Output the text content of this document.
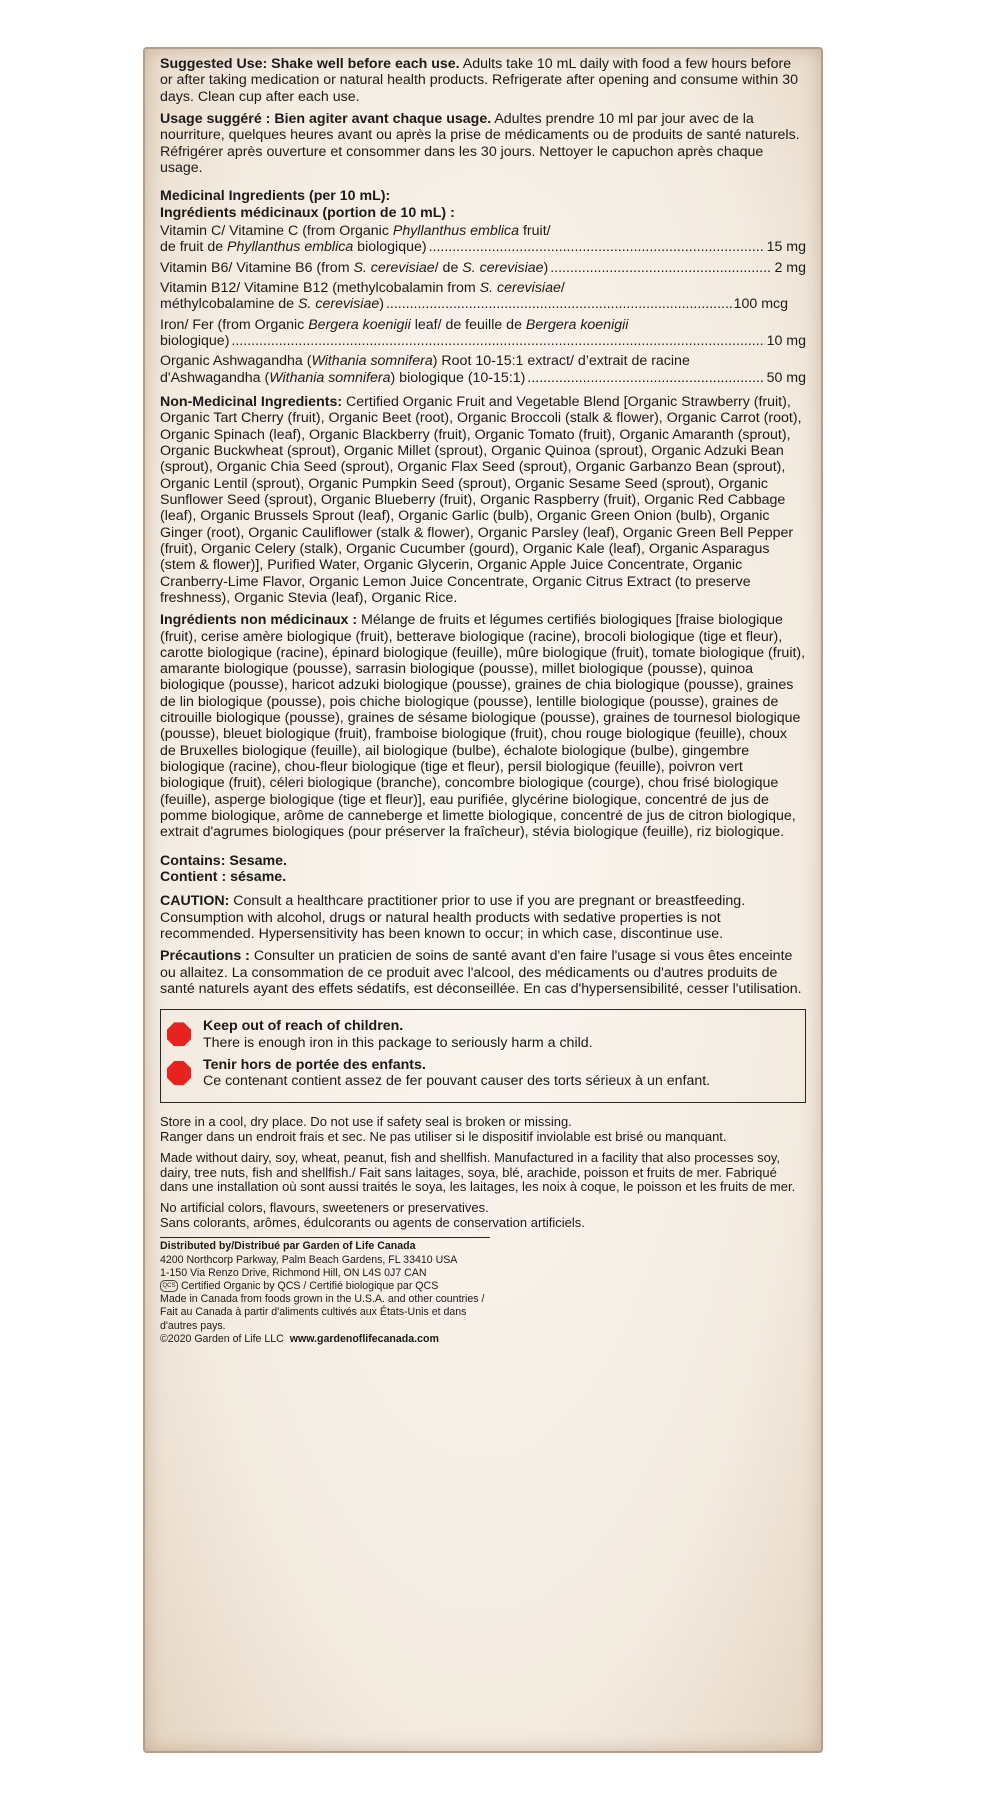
Suggested Use: Shake well before each use. Adults take 10 mL daily with food a few hours before or after taking medication or natural health products. Refrigerate after opening and consume within 30 days. Clean cup after each use.

Usage suggéré : Bien agiter avant chaque usage. Adultes prendre 10 ml par jour avec de la nourriture, quelques heures avant ou après la prise de médicaments ou de produits de santé naturels. Réfrigérer après ouverture et consommer dans les 30 jours. Nettoyer le capuchon après chaque usage.

Medicinal Ingredients (per 10 mL):
Ingrédients médicinaux (portion de 10 mL) :
Vitamin C/ Vitamine C (from Organic Phyllanthus emblica fruit/
de fruit de Phyllanthus emblica biologique) .....	15 mg
Vitamin B6/ Vitamine B6 (from S. cerevisiae/ de S. cerevisiae) .....	2 mg
Vitamin B12/ Vitamine B12 (methylcobalamin from S. cerevisiae/
méthylcobalamine de S. cerevisiae) .....	100 mcg
Iron/ Fer (from Organic Bergera koenigii leaf/ de feuille de Bergera koenigii
biologique) .....	10 mg
Organic Ashwagandha (Withania somnifera) Root 10-15:1 extract/ d’extrait de racine
d'Ashwagandha (Withania somnifera) biologique (10-15:1) .....	50 mg

Non-Medicinal Ingredients: Certified Organic Fruit and Vegetable Blend [Organic Strawberry (fruit), Organic Tart Cherry (fruit), Organic Beet (root), Organic Broccoli (stalk & flower), Organic Carrot (root), Organic Spinach (leaf), Organic Blackberry (fruit), Organic Tomato (fruit), Organic Amaranth (sprout), Organic Buckwheat (sprout), Organic Millet (sprout), Organic Quinoa (sprout), Organic Adzuki Bean (sprout), Organic Chia Seed (sprout), Organic Flax Seed (sprout), Organic Garbanzo Bean (sprout), Organic Lentil (sprout), Organic Pumpkin Seed (sprout), Organic Sesame Seed (sprout), Organic Sunflower Seed (sprout), Organic Blueberry (fruit), Organic Raspberry (fruit), Organic Red Cabbage (leaf), Organic Brussels Sprout (leaf), Organic Garlic (bulb), Organic Green Onion (bulb), Organic Ginger (root), Organic Cauliflower (stalk & flower), Organic Parsley (leaf), Organic Green Bell Pepper (fruit), Organic Celery (stalk), Organic Cucumber (gourd), Organic Kale (leaf), Organic Asparagus (stem & flower)], Purified Water, Organic Glycerin, Organic Apple Juice Concentrate, Organic Cranberry-Lime Flavor, Organic Lemon Juice Concentrate, Organic Citrus Extract (to preserve freshness), Organic Stevia (leaf), Organic Rice.

Ingrédients non médicinaux : Mélange de fruits et légumes certifiés biologiques [fraise biologique (fruit), cerise amère biologique (fruit), betterave biologique (racine), brocoli biologique (tige et fleur), carotte biologique (racine), épinard biologique (feuille), mûre biologique (fruit), tomate biologique (fruit), amarante biologique (pousse), sarrasin biologique (pousse), millet biologique (pousse), quinoa biologique (pousse), haricot adzuki biologique (pousse), graines de chia biologique (pousse), graines de lin biologique (pousse), pois chiche biologique (pousse), lentille biologique (pousse), graines de citrouille biologique (pousse), graines de sésame biologique (pousse), graines de tournesol biologique (pousse), bleuet biologique (fruit), framboise biologique (fruit), chou rouge biologique (feuille), choux de Bruxelles biologique (feuille), ail biologique (bulbe), échalote biologique (bulbe), gingembre biologique (racine), chou-fleur biologique (tige et fleur), persil biologique (feuille), poivron vert biologique (fruit), céleri biologique (branche), concombre biologique (courge), chou frisé biologique (feuille), asperge biologique (tige et fleur)], eau purifiée, glycérine biologique, concentré de jus de pomme biologique, arôme de canneberge et limette biologique, concentré de jus de citron biologique, extrait d'agrumes biologiques (pour préserver la fraîcheur), stévia biologique (feuille), riz biologique.

Contains: Sesame.
Contient : sésame.

CAUTION: Consult a healthcare practitioner prior to use if you are pregnant or breastfeeding. Consumption with alcohol, drugs or natural health products with sedative properties is not recommended. Hypersensitivity has been known to occur; in which case, discontinue use.

Précautions : Consulter un praticien de soins de santé avant d'en faire l'usage si vous êtes enceinte ou allaitez. La consommation de ce produit avec l'alcool, des médicaments ou d'autres produits de santé naturels ayant des effets sédatifs, est déconseillée. En cas d'hypersensibilité, cesser l'utilisation.

Keep out of reach of children.
There is enough iron in this package to seriously harm a child.
Tenir hors de portée des enfants.
Ce contenant contient assez de fer pouvant causer des torts sérieux à un enfant.
Store in a cool, dry place. Do not use if safety seal is broken or missing.
Ranger dans un endroit frais et sec. Ne pas utiliser si le dispositif inviolable est brisé ou manquant.

Made without dairy, soy, wheat, peanut, fish and shellfish. Manufactured in a facility that also processes soy, dairy, tree nuts, fish and shellfish./ Fait sans laitages, soya, blé, arachide, poisson et fruits de mer. Fabriqué dans une installation où sont aussi traités le soya, les laitages, les noix à coque, le poisson et les fruits de mer.

No artificial colors, flavours, sweeteners or preservatives.
Sans colorants, arômes, édulcorants ou agents de conservation artificiels.
Distributed by/Distribué par Garden of Life Canada
4200 Northcorp Parkway, Palm Beach Gardens, FL 33410 USA
1-150 Via Renzo Drive, Richmond Hill, ON L4S 0J7 CAN
QCS Certified Organic by QCS / Certifié biologique par QCS
Made in Canada from foods grown in the U.S.A. and other countries / Fait au Canada à partir d'aliments cultivés aux États-Unis et dans d'autres pays.
©2020 Garden of Life LLC www.gardenoflifecanada.com
